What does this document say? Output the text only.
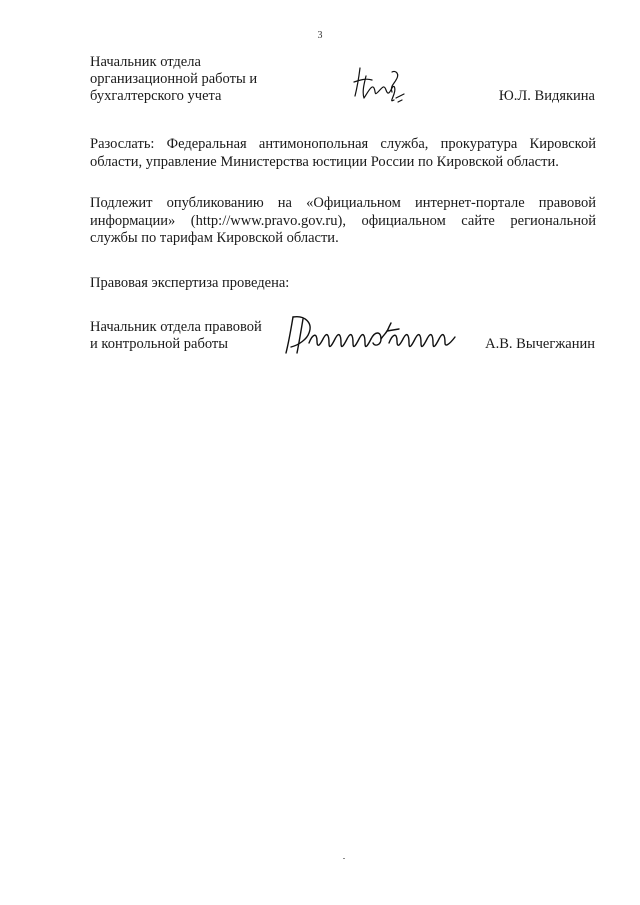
3
Начальник отдела
организационной работы и
бухгалтерского учета	Ю.Л. Видякина
Разослать: Федеральная антимонопольная служба, прокуратура Кировской области, управление Министерства юстиции России по Кировской области.
Подлежит опубликованию на «Официальном интернет-портале правовой информации» (http://www.pravo.gov.ru), официальном сайте региональной службы по тарифам Кировской области.
Правовая экспертиза проведена:
Начальник отдела правовой
и контрольной работы	А.В. Вычегжанин
